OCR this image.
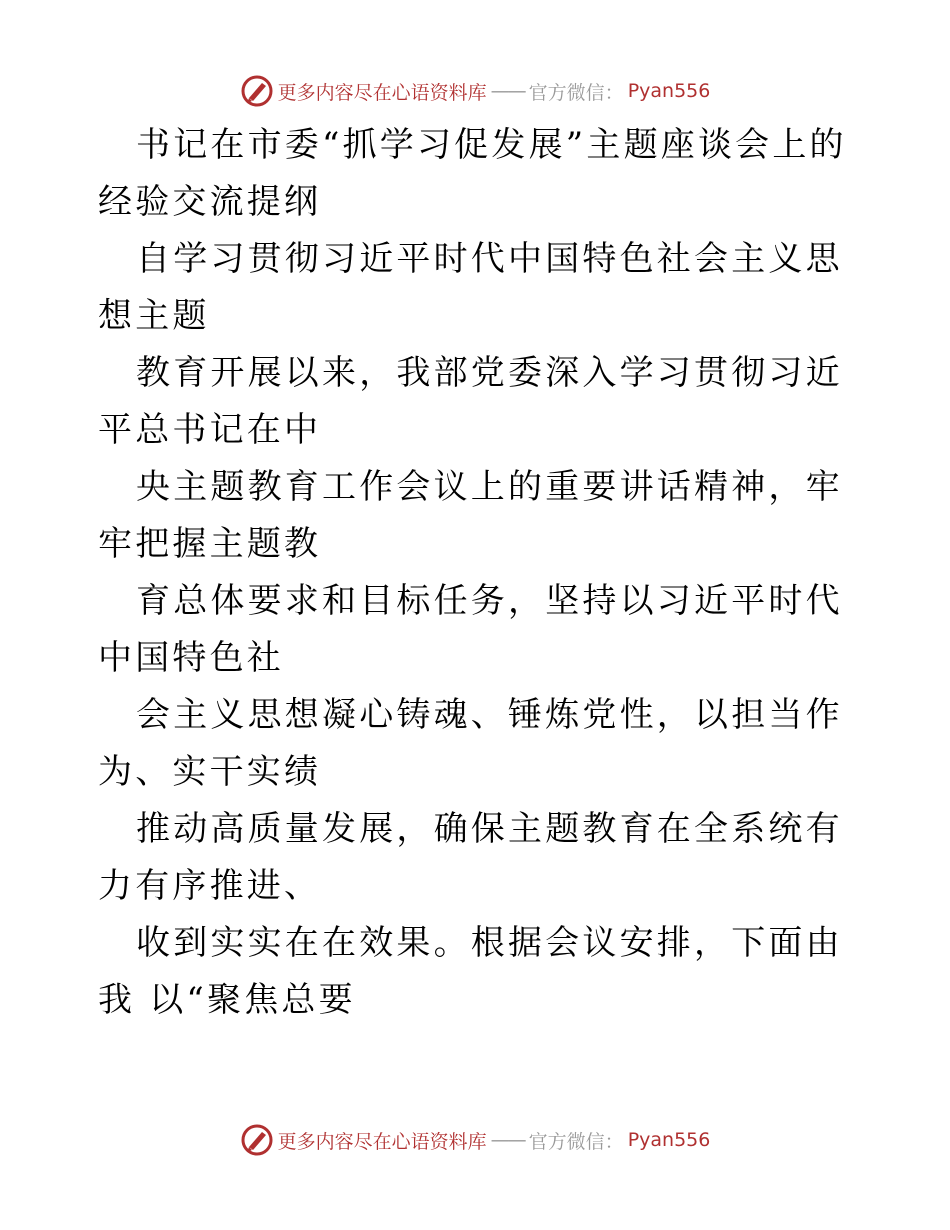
更多内容尽在心语资料库 —— 官方微信： Pyan556

书记在市委“抓学习促发展”主题座谈会上的经验交流提纲

自学习贯彻习近平时代中国特色社会主义思想主题

教育开展以来，我部党委深入学习贯彻习近平总书记在中

央主题教育工作会议上的重要讲话精神，牢牢把握主题教

育总体要求和目标任务，坚持以习近平时代中国特色社

会主义思想凝心铸魂、锤炼党性，以担当作为、实干实绩

推动高质量发展，确保主题教育在全系统有力有序推进、

收到实实在在效果。根据会议安排，下面由我 以“聚焦总要

更多内容尽在心语资料库 —— 官方微信： Pyan556
